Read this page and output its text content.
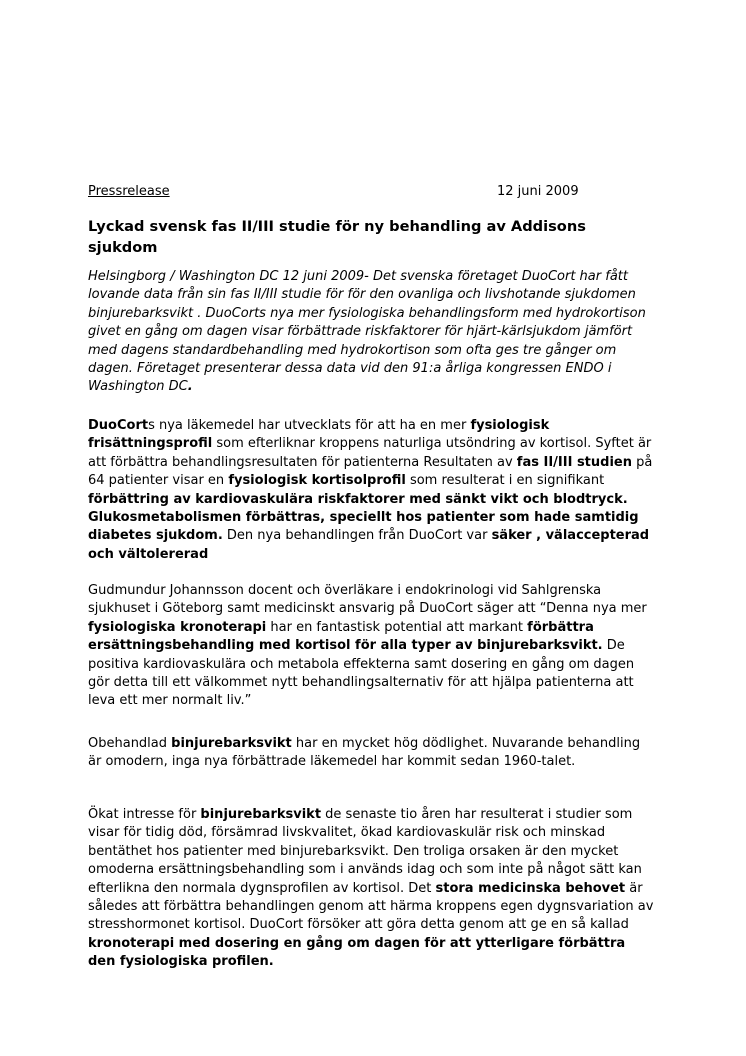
Pressrelease	12 juni 2009
Lyckad svensk fas II/III studie för ny behandling av Addisons sjukdom

Helsingborg / Washington DC 12 juni 2009- Det svenska företaget DuoCort har fått lovande data från sin fas II/III studie för för den ovanliga och livshotande sjukdomen binjurebarksvikt . DuoCorts nya mer fysiologiska behandlingsform med hydrokortison givet en gång om dagen visar förbättrade riskfaktorer för hjärt-kärlsjukdom jämfört med dagens standardbehandling med hydrokortison som ofta ges tre gånger om dagen. Företaget presenterar dessa data vid den 91:a årliga kongressen ENDO i Washington DC.

DuoCorts nya läkemedel har utvecklats för att ha en mer fysiologisk frisättningsprofil som efterliknar kroppens naturliga utsöndring av kortisol. Syftet är att förbättra behandlingsresultaten för patienterna Resultaten av fas II/III studien på 64 patienter visar en fysiologisk kortisolprofil som resulterat i en signifikant förbättring av kardiovaskulära riskfaktorer med sänkt vikt och blodtryck. Glukosmetabolismen förbättras, speciellt hos patienter som hade samtidig diabetes sjukdom. Den nya behandlingen från DuoCort var säker , välaccepterad och vältolererad

Gudmundur Johannsson docent och överläkare i endokrinologi vid Sahlgrenska sjukhuset i Göteborg samt medicinskt ansvarig på DuoCort säger att “Denna nya mer fysiologiska kronoterapi har en fantastisk potential att markant förbättra ersättningsbehandling med kortisol för alla typer av binjurebarksvikt. De positiva kardiovaskulära och metabola effekterna samt dosering en gång om dagen gör detta till ett välkommet nytt behandlingsalternativ för att hjälpa patienterna att leva ett mer normalt liv.”

Obehandlad binjurebarksvikt har en mycket hög dödlighet. Nuvarande behandling är omodern, inga nya förbättrade läkemedel har kommit sedan 1960-talet.

Ökat intresse för binjurebarksvikt de senaste tio åren har resulterat i studier som visar för tidig död, försämrad livskvalitet, ökad kardiovaskulär risk och minskad bentäthet hos patienter med binjurebarksvikt. Den troliga orsaken är den mycket omoderna ersättningsbehandling som i används idag och som inte på något sätt kan efterlikna den normala dygnsprofilen av kortisol. Det stora medicinska behovet är således att förbättra behandlingen genom att härma kroppens egen dygnsvariation av stresshormonet kortisol. DuoCort försöker att göra detta genom att ge en så kallad kronoterapi med dosering en gång om dagen för att ytterligare förbättra den fysiologiska profilen.
